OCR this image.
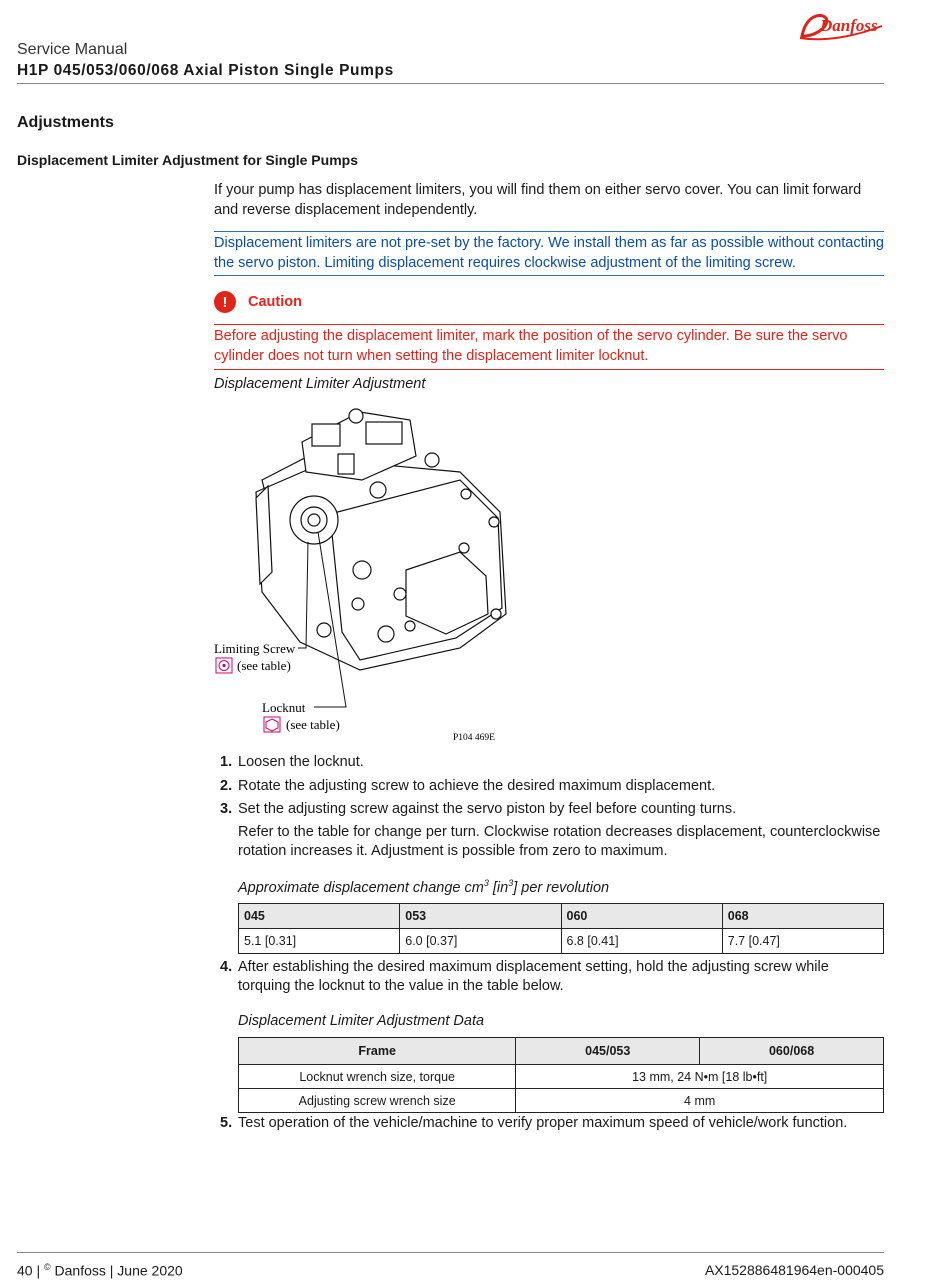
Danfoss
Service Manual
H1P 045/053/060/068 Axial Piston Single Pumps
Adjustments
Displacement Limiter Adjustment for Single Pumps
If your pump has displacement limiters, you will find them on either servo cover. You can limit forward and reverse displacement independently.
Displacement limiters are not pre-set by the factory. We install them as far as possible without contacting the servo piston. Limiting displacement requires clockwise adjustment of the limiting screw.
!	Caution
Before adjusting the displacement limiter, mark the position of the servo cylinder. Be sure the servo cylinder does not turn when setting the displacement limiter locknut.
Displacement Limiter Adjustment
Limiting Screw
(see table)
Locknut
(see table)
P104 469E
1. Loosen the locknut.
2. Rotate the adjusting screw to achieve the desired maximum displacement.
3. Set the adjusting screw against the servo piston by feel before counting turns.
Refer to the table for change per turn. Clockwise rotation decreases displacement, counterclockwise rotation increases it. Adjustment is possible from zero to maximum.
Approximate displacement change $cm^3$ $[in^3]$ per revolution
045	053	060	068
5.1 [0.31]	6.0 [0.37]	6.8 [0.41]	7.7 [0.47]
4. After establishing the desired maximum displacement setting, hold the adjusting screw while torquing the locknut to the value in the table below.
Displacement Limiter Adjustment Data
Frame	045/053	060/068
Locknut wrench size, torque	13 mm, 24 N•m [18 lb•ft]	
Adjusting screw wrench size	4 mm	
5. Test operation of the vehicle/machine to verify proper maximum speed of vehicle/work function.
40 | © Danfoss | June 2020	AX152886481964en-000405
